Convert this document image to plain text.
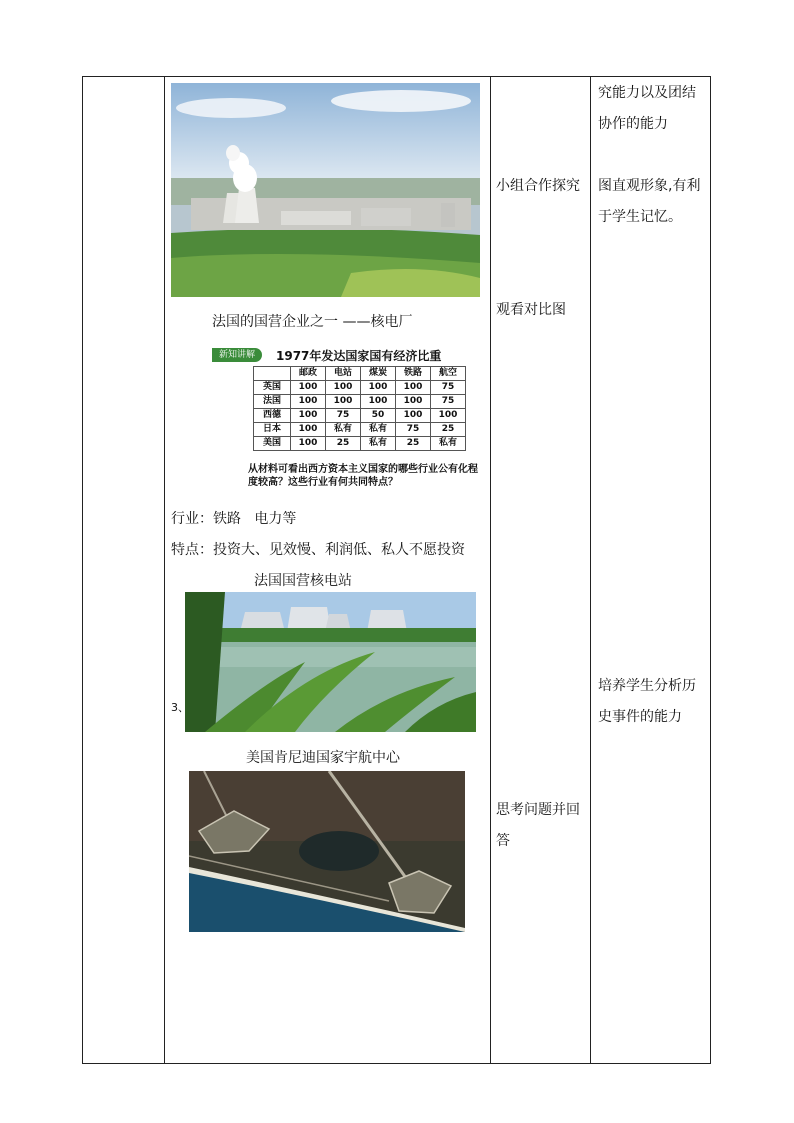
法国的国营企业之一 ——核电厂
新知讲解	1977年发达国家国有经济比重
	邮政	电站	煤炭	铁路	航空
英国	100	100	100	100	75
法国	100	100	100	100	75
西德	100	75	50	100	100
日本	100	私有	私有	75	25
美国	100	25	私有	25	私有
从材料可看出西方资本主义国家的哪些行业公有化程
度较高？这些行业有何共同特点？
行业：铁路   电力等
特点：投资大、见效慢、利润低、私人不愿投资
法国国营核电站
3、
美国肯尼迪国家宇航中心
小组合作探究
观看对比图
思考问题并回
答
究能力以及团结
协作的能力
图直观形象,有利
于学生记忆。
培养学生分析历
史事件的能力
